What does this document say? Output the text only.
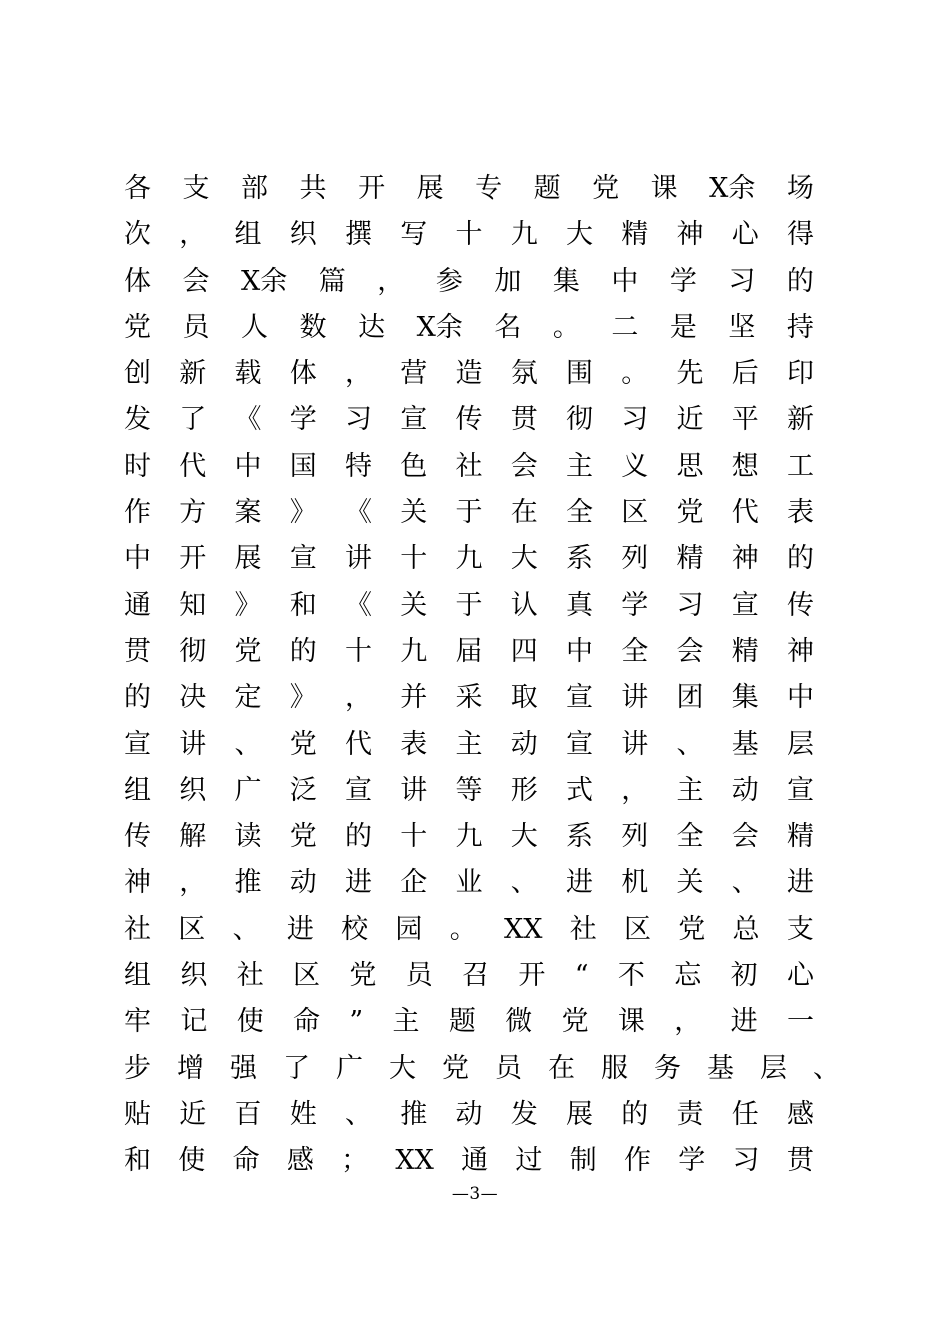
各 支 部 共 开 展 专 题 党 课 X余 场
次 ， 组 织 撰 写 十 九 大 精 神 心 得
体 会 X余 篇 ， 参 加 集 中 学 习 的
党 员 人 数 达 X余 名 。 二 是 坚 持
创 新 载 体 ， 营 造 氛 围 。 先 后 印
发 了 《 学 习 宣 传 贯 彻 习 近 平 新
时 代 中 国 特 色 社 会 主 义 思 想 工
作 方 案 》 《 关 于 在 全 区 党 代 表
中 开 展 宣 讲 十 九 大 系 列 精 神 的
通 知 》 和 《 关 于 认 真 学 习 宣 传
贯 彻 党 的 十 九 届 四 中 全 会 精 神
的 决 定 》 ， 并 采 取 宣 讲 团 集 中
宣 讲 、 党 代 表 主 动 宣 讲 、 基 层
组 织 广 泛 宣 讲 等 形 式 ， 主 动 宣
传 解 读 党 的 十 九 大 系 列 全 会 精
神 ， 推 动 进 企 业 、 进 机 关 、 进
社 区 、 进 校 园 。 XX 社 区 党 总 支
组 织 社 区 党 员 召 开 “ 不 忘 初 心
牢 记 使 命 ” 主 题 微 党 课 ， 进 一
步 增 强 了 广 大 党 员 在 服 务 基 层 、
贴 近 百 姓 、 推 动 发 展 的 责 任 感
和 使 命 感 ； XX 通 过 制 作 学 习 贯
—3—
